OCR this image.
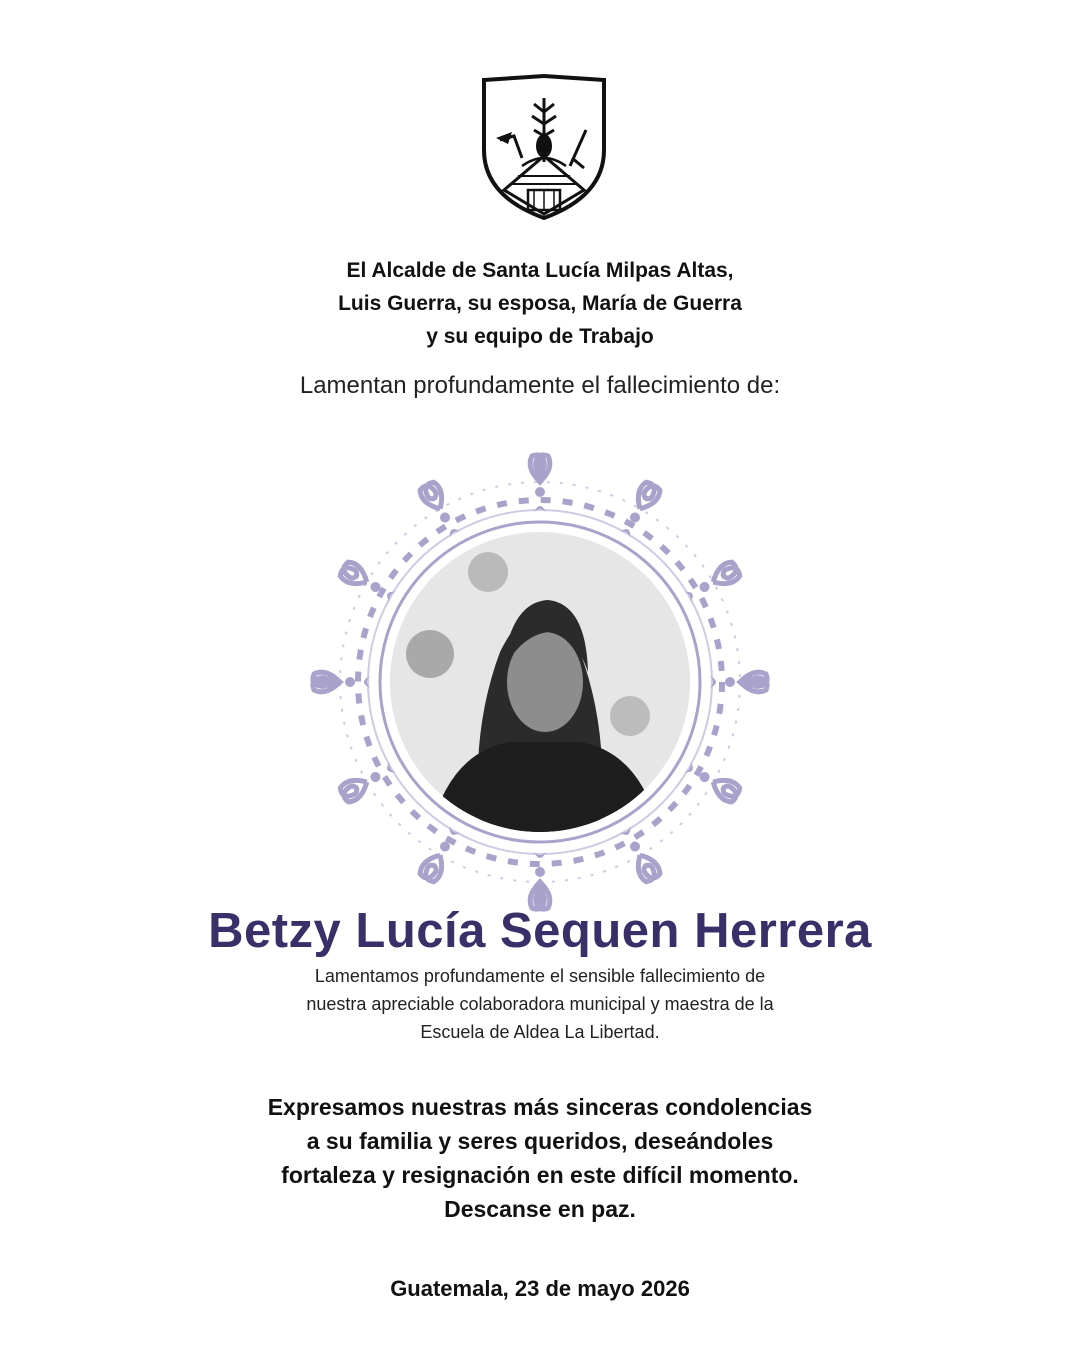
El Alcalde de Santa Lucía Milpas Altas,
Luis Guerra, su esposa, María de Guerra
y su equipo de Trabajo
Lamentan profundamente el fallecimiento de:
Betzy Lucía Sequen Herrera
Lamentamos profundamente el sensible fallecimiento de
nuestra apreciable colaboradora municipal y maestra de la
Escuela de Aldea La Libertad.
Expresamos nuestras más sinceras condolencias
a su familia y seres queridos, deseándoles
fortaleza y resignación en este difícil momento.
Descanse en paz.
Guatemala, 23 de mayo 2026
